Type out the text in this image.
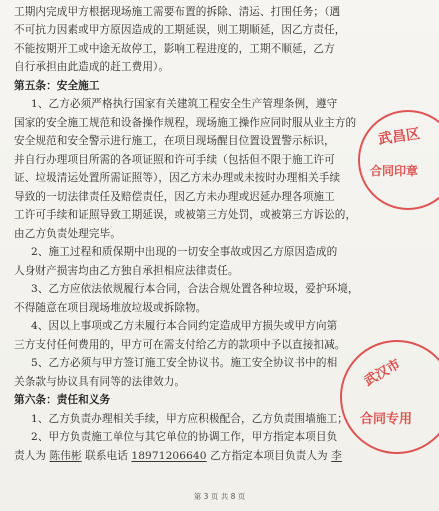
工期内完成甲方根据现场施工需要布置的拆除、清运、打围任务；（遇
不可抗力因素或甲方原因造成的工期延误，则工期顺延，因乙方责任，
不能按期开工或中途无故停工，影响工程进度的，工期不顺延，乙方
自行承担由此造成的赶工费用）。
第五条：安全施工
1、乙方必须严格执行国家有关建筑工程安全生产管理条例，遵守
国家的安全施工规范和设备操作规程，现场施工操作应同时服从业主方的
安全规范和安全警示进行施工，在项目现场醒目位置设置警示标识，
并自行办理项目所需的各项证照和许可手续（包括但不限于施工许可
证、垃圾清运处置所需证照等），因乙方未办理或未按时办理相关手续
导致的一切法律责任及赔偿责任，因乙方未办理或迟延办理各项施工
工许可手续和证照导致工期延误，或被第三方处罚，或被第三方诉讼的，
由乙方负责处理完毕。
2、施工过程和质保期中出现的一切安全事故或因乙方原因造成的
人身财产损害均由乙方独自承担相应法律责任。
3、乙方应依法依规履行本合同，合法合规处置各种垃圾，爱护环境，
不得随意在项目现场堆放垃圾或拆除物。
4、因以上事项或乙方未履行本合同约定造成甲方损失或甲方向第
三方支付任何费用的，甲方可在需支付给乙方的款项中予以直接扣减。
5、乙方必须与甲方签订施工安全协议书。施工安全协议书中的相
关条款与协议具有同等的法律效力。
第六条：责任和义务
1、乙方负责办理相关手续，甲方应积极配合，乙方负责围墙施工；
2、甲方负责施工单位与其它单位的协调工作，甲方指定本项目负
责人为 陈伟彬 联系电话 18971206640 乙方指定本项目负责人为 李
武昌区
合同印章
武汉市
合同专用
第 3 页 共 8 页
